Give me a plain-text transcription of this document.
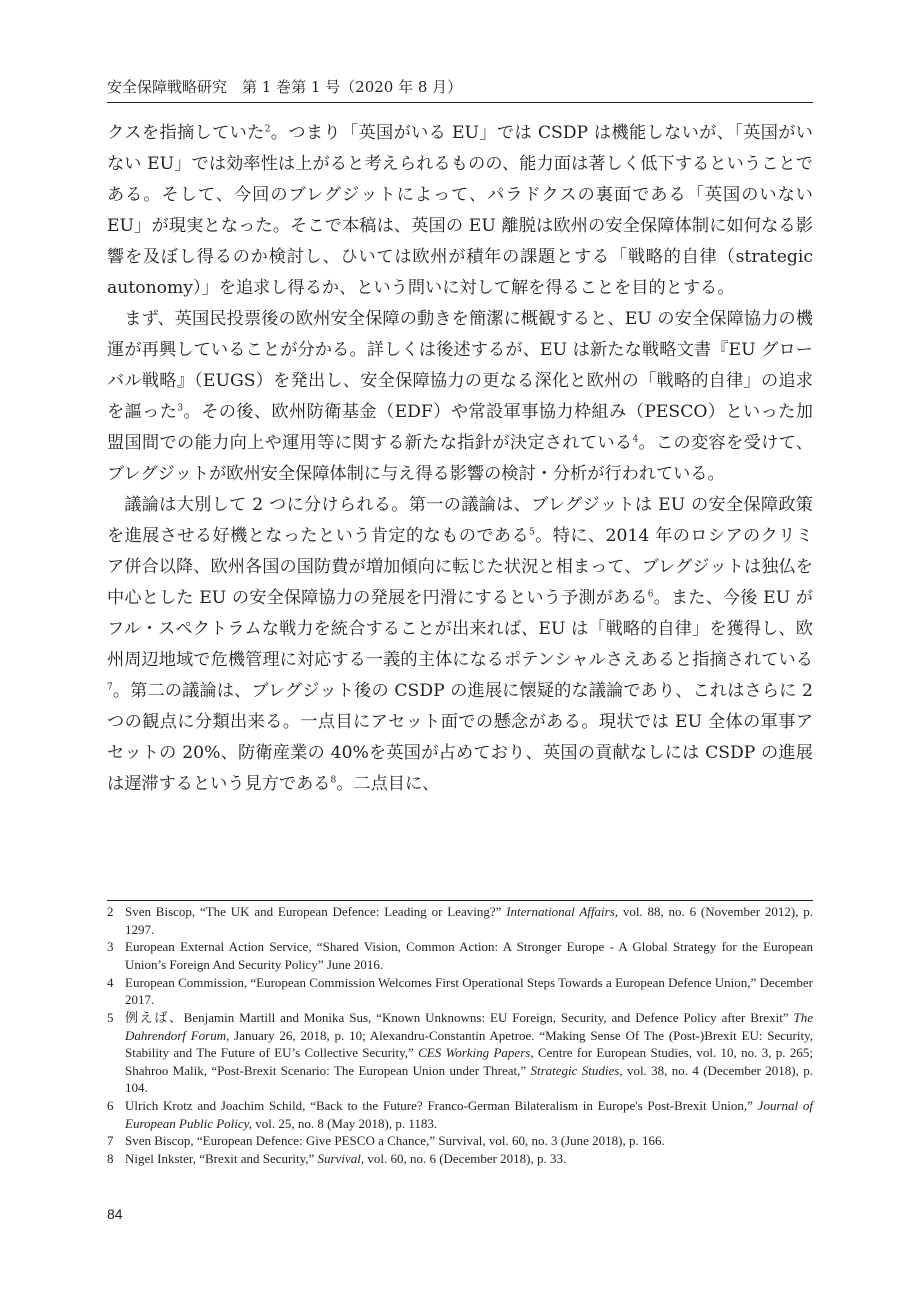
安全保障戦略研究　第 1 巻第 1 号（2020 年 8 月）

クスを指摘していた$^2$。つまり「英国がいる EU」では CSDP は機能しないが、「英国がいない EU」では効率性は上がると考えられるものの、能力面は著しく低下するということである。そして、今回のブレグジットによって、パラドクスの裏面である「英国のいない EU」が現実となった。そこで本稿は、英国の EU 離脱は欧州の安全保障体制に如何なる影響を及ぼし得るのか検討し、ひいては欧州が積年の課題とする「戦略的自律（strategic autonomy）」を追求し得るか、という問いに対して解を得ることを目的とする。

まず、英国民投票後の欧州安全保障の動きを簡潔に概観すると、EU の安全保障協力の機運が再興していることが分かる。詳しくは後述するが、EU は新たな戦略文書『EU グローバル戦略』（EUGS）を発出し、安全保障協力の更なる深化と欧州の「戦略的自律」の追求を謳った$^3$。その後、欧州防衛基金（EDF）や常設軍事協力枠組み（PESCO）といった加盟国間での能力向上や運用等に関する新たな指針が決定されている$^4$。この変容を受けて、ブレグジットが欧州安全保障体制に与え得る影響の検討・分析が行われている。

議論は大別して 2 つに分けられる。第一の議論は、ブレグジットは EU の安全保障政策を進展させる好機となったという肯定的なものである$^5$。特に、2014 年のロシアのクリミア併合以降、欧州各国の国防費が増加傾向に転じた状況と相まって、ブレグジットは独仏を中心とした EU の安全保障協力の発展を円滑にするという予測がある$^6$。また、今後 EU がフル・スペクトラムな戦力を統合することが出来れば、EU は「戦略的自律」を獲得し、欧州周辺地域で危機管理に対応する一義的主体になるポテンシャルさえあると指摘されている$^7$。第二の議論は、ブレグジット後の CSDP の進展に懐疑的な議論であり、これはさらに 2 つの観点に分類出来る。一点目にアセット面での懸念がある。現状では EU 全体の軍事アセットの 20%、防衛産業の 40%を英国が占めており、英国の貢献なしには CSDP の進展は遅滞するという見方である$^8$。二点目に、

2 Sven Biscop, “The UK and European Defence: Leading or Leaving?” International Affairs, vol. 88, no. 6 (November 2012), p. 1297.
3 European External Action Service, “Shared Vision, Common Action: A Stronger Europe - A Global Strategy for the European Union’s Foreign And Security Policy” June 2016.
4 European Commission, “European Commission Welcomes First Operational Steps Towards a European Defence Union,” December 2017.
5 例えば、Benjamin Martill and Monika Sus, “Known Unknowns: EU Foreign, Security, and Defence Policy after Brexit” The Dahrendorf Forum, January 26, 2018, p. 10; Alexandru-Constantin Apetroe. “Making Sense Of The (Post-)Brexit EU: Security, Stability and The Future of EU’s Collective Security,” CES Working Papers, Centre for European Studies, vol. 10, no. 3, p. 265; Shahroo Malik, “Post-Brexit Scenario: The European Union under Threat,” Strategic Studies, vol. 38, no. 4 (December 2018), p. 104.
6 Ulrich Krotz and Joachim Schild, “Back to the Future? Franco-German Bilateralism in Europe's Post-Brexit Union,” Journal of European Public Policy, vol. 25, no. 8 (May 2018), p. 1183.
7 Sven Biscop, “European Defence: Give PESCO a Chance,” Survival, vol. 60, no. 3 (June 2018), p. 166.
8 Nigel Inkster, “Brexit and Security,” Survival, vol. 60, no. 6 (December 2018), p. 33.
84
